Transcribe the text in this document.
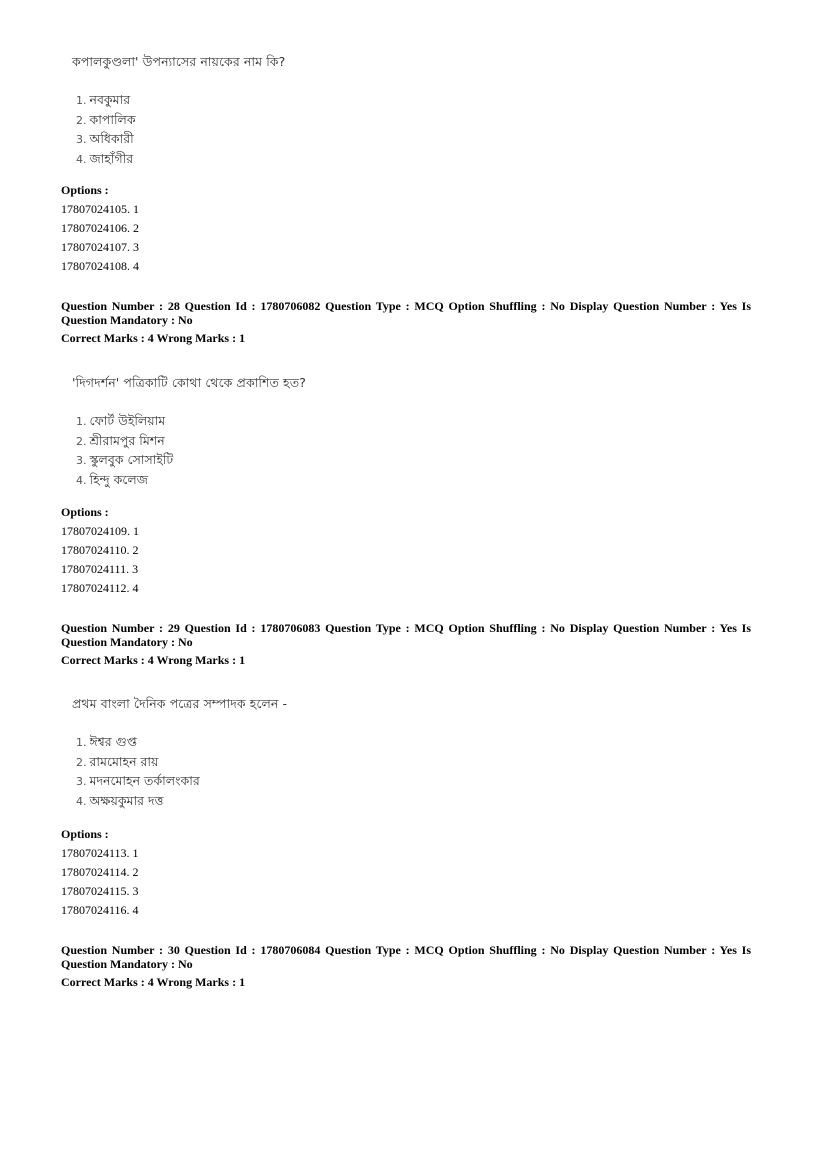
কপালকুণ্ডলা' উপন্যাসের নায়কের নাম কি?
1. নবকুমার
2. কাপালিক
3. অধিকারী
4. জাহাঁগীর
Options :
17807024105. 1
17807024106. 2
17807024107. 3
17807024108. 4
Question Number : 28 Question Id : 1780706082 Question Type : MCQ Option Shuffling : No Display Question Number : Yes Is
Question Mandatory : No
Correct Marks : 4 Wrong Marks : 1
'দিগদর্শন' পত্রিকাটি কোথা থেকে প্রকাশিত হত?
1. ফোর্ট উইলিয়াম
2. শ্রীরামপুর মিশন
3. স্কুলবুক সোসাইটি
4. হিন্দু কলেজ
Options :
17807024109. 1
17807024110. 2
17807024111. 3
17807024112. 4
Question Number : 29 Question Id : 1780706083 Question Type : MCQ Option Shuffling : No Display Question Number : Yes Is
Question Mandatory : No
Correct Marks : 4 Wrong Marks : 1
প্রথম বাংলা দৈনিক পত্রের সম্পাদক হলেন -
1. ঈশ্বর গুপ্ত
2. রামমোহন রায়
3. মদনমোহন তর্কালংকার
4. অক্ষয়কুমার দত্ত
Options :
17807024113. 1
17807024114. 2
17807024115. 3
17807024116. 4
Question Number : 30 Question Id : 1780706084 Question Type : MCQ Option Shuffling : No Display Question Number : Yes Is
Question Mandatory : No
Correct Marks : 4 Wrong Marks : 1
